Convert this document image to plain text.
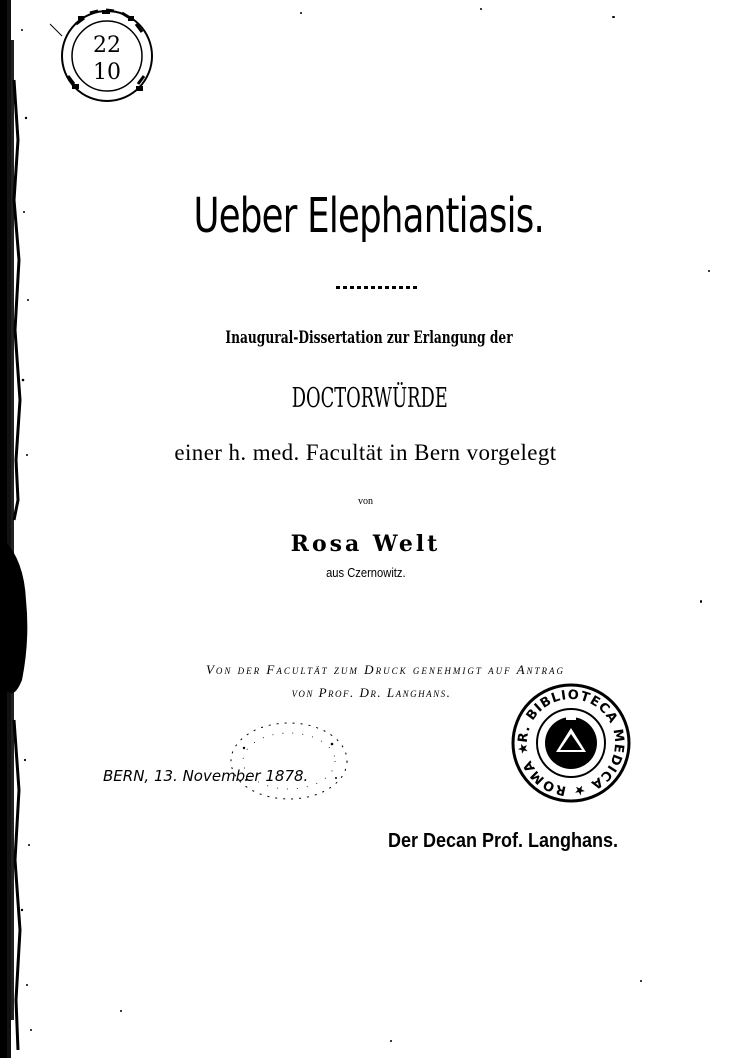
22
10
Ueber Elephantiasis.
Inaugural-Dissertation zur Erlangung der
DOCTORWÜRDE
einer h. med. Facultät in Bern vorgelegt
von
Rosa Welt
aus Czernowitz.
Von der Facultät zum Druck genehmigt auf Antrag
von Prof. Dr. Langhans.
BERN, 13. November 1878.
R. BIBLIOTECA MEDICA ★ ROMA ★
Der Decan Prof. Langhans.
